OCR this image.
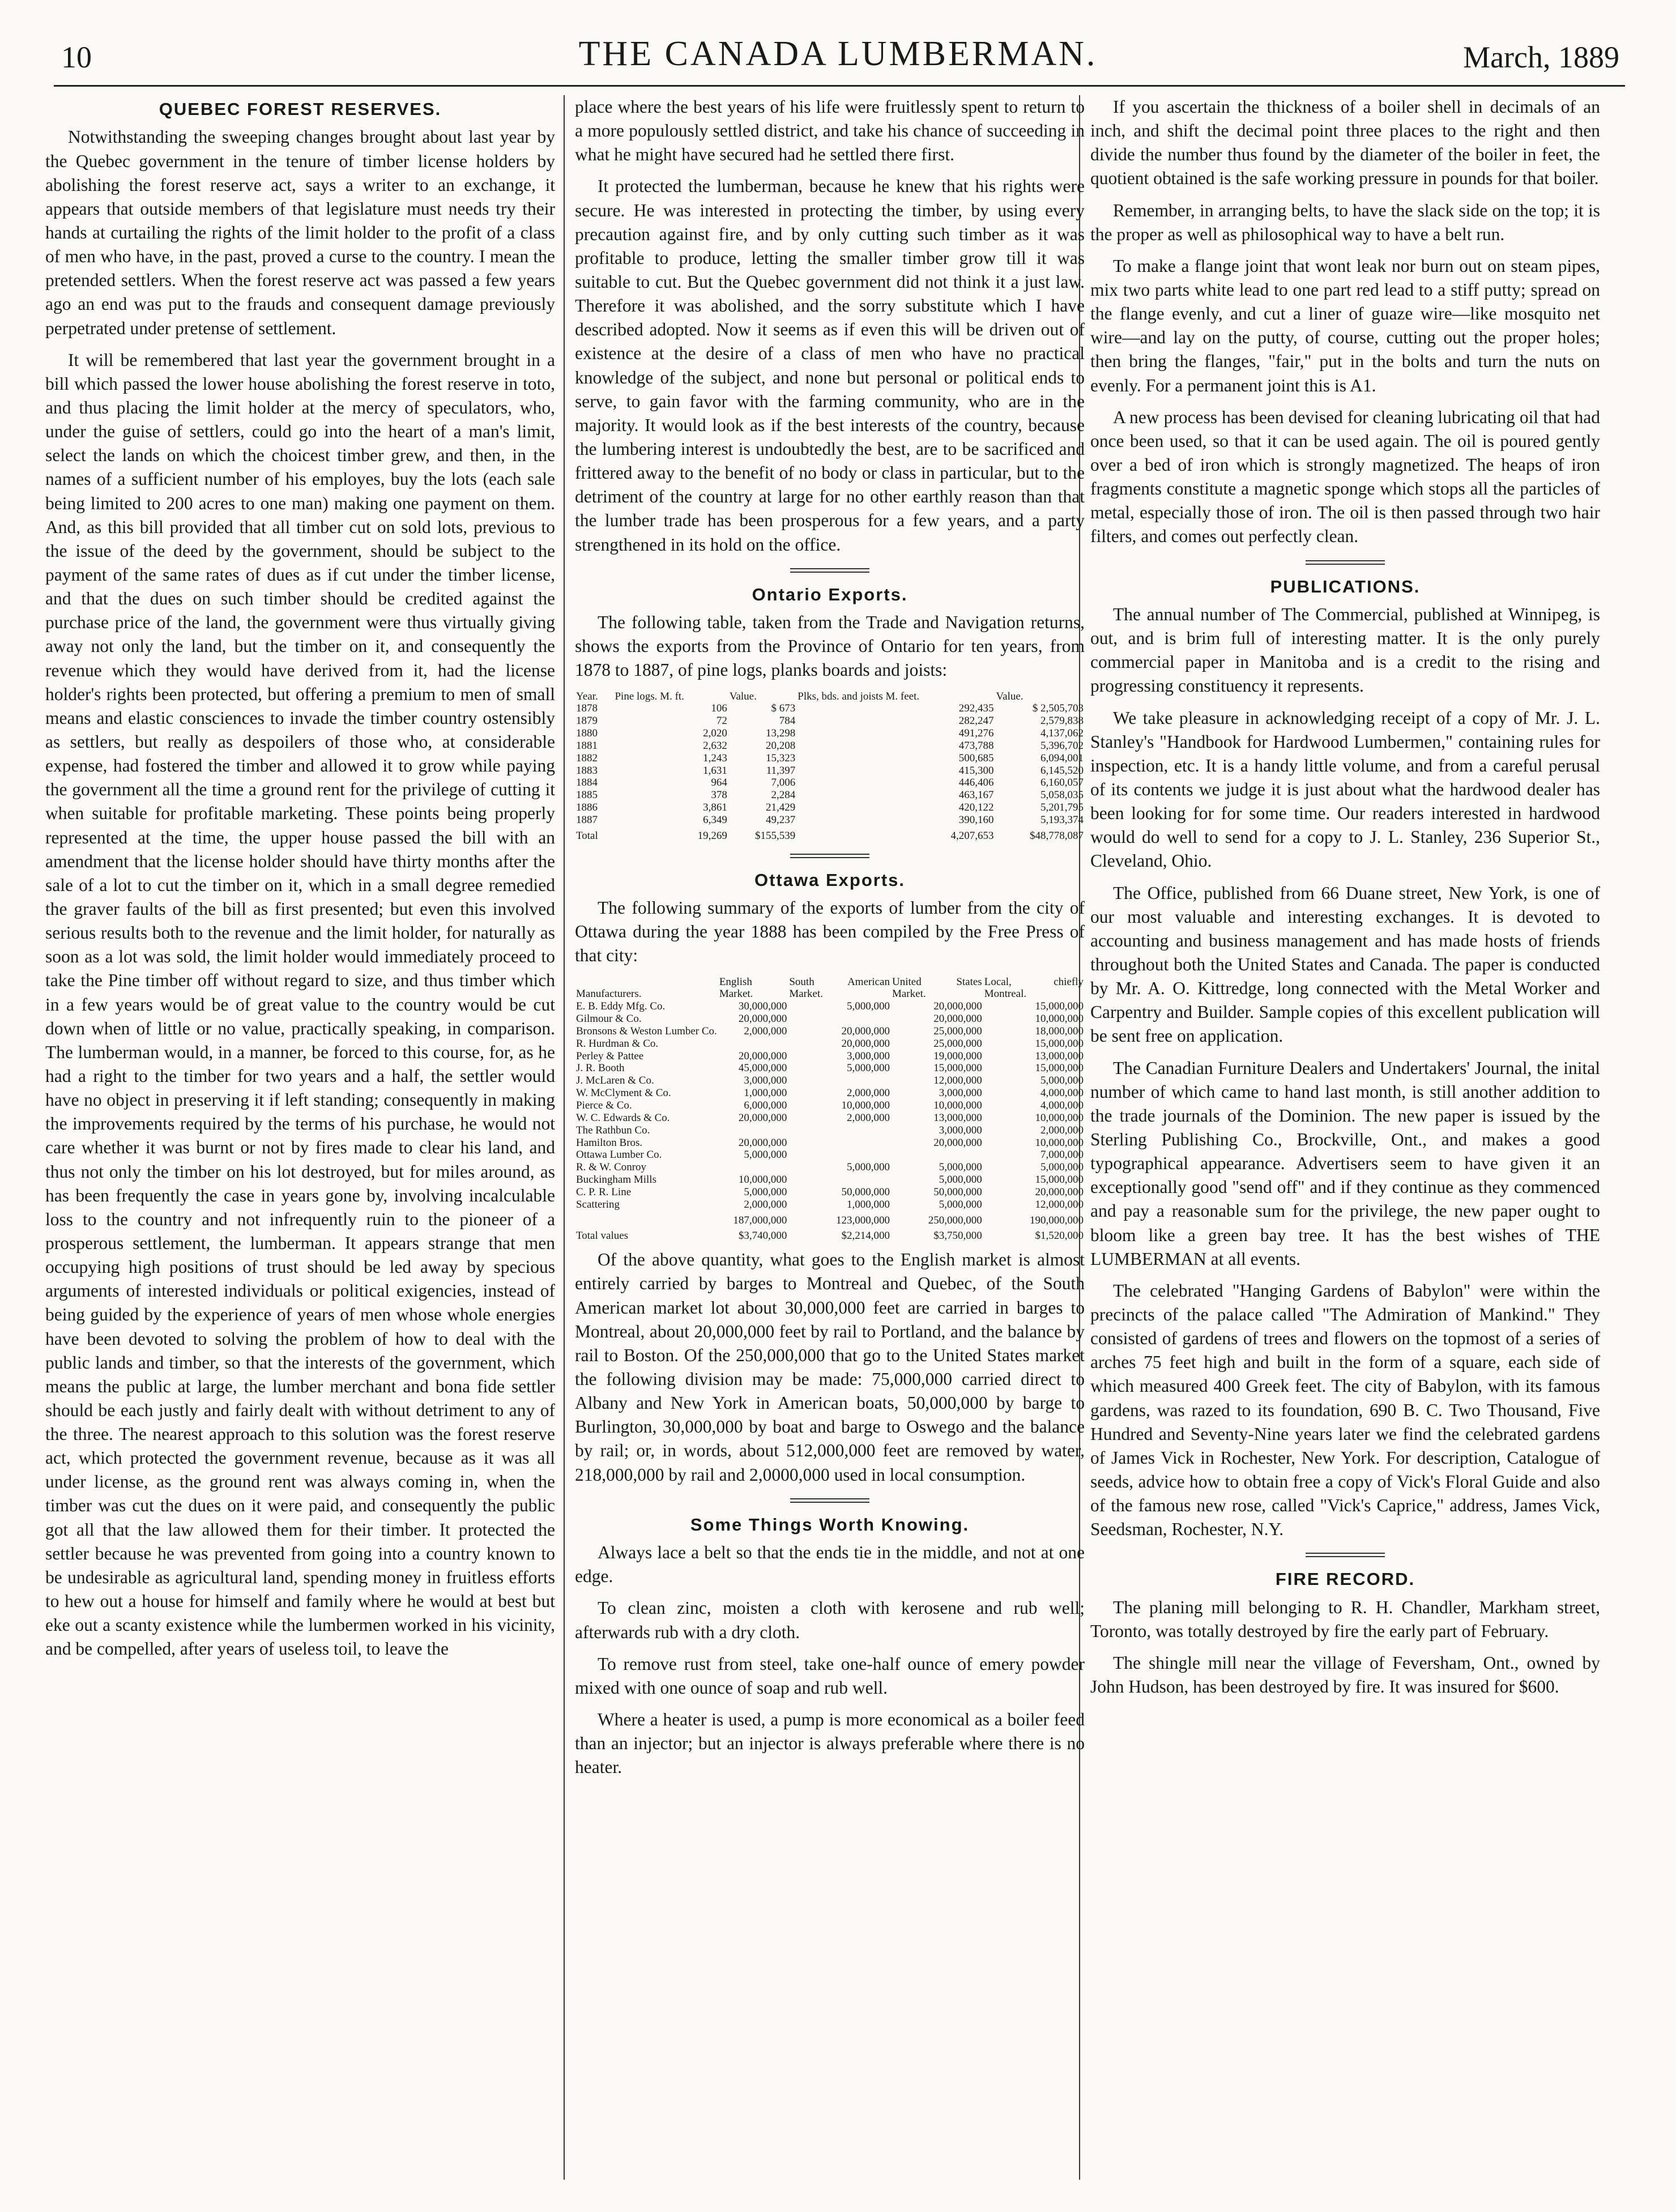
10	THE CANADA LUMBERMAN.	March, 1889
QUEBEC FOREST RESERVES.

Notwithstanding the sweeping changes brought about last year by the Quebec government in the tenure of timber license holders by abolishing the forest reserve act, says a writer to an exchange, it appears that outside members of that legislature must needs try their hands at curtailing the rights of the limit holder to the profit of a class of men who have, in the past, proved a curse to the country. I mean the pretended settlers. When the forest reserve act was passed a few years ago an end was put to the frauds and consequent damage previously perpetrated under pretense of settlement.

It will be remembered that last year the government brought in a bill which passed the lower house abolishing the forest reserve in toto, and thus placing the limit holder at the mercy of speculators, who, under the guise of settlers, could go into the heart of a man's limit, select the lands on which the choicest timber grew, and then, in the names of a sufficient number of his employes, buy the lots (each sale being limited to 200 acres to one man) making one payment on them. And, as this bill provided that all timber cut on sold lots, previous to the issue of the deed by the government, should be subject to the payment of the same rates of dues as if cut under the timber license, and that the dues on such timber should be credited against the purchase price of the land, the government were thus virtually giving away not only the land, but the timber on it, and consequently the revenue which they would have derived from it, had the license holder's rights been protected, but offering a premium to men of small means and elastic consciences to invade the timber country ostensibly as settlers, but really as despoilers of those who, at considerable expense, had fostered the timber and allowed it to grow while paying the government all the time a ground rent for the privilege of cutting it when suitable for profitable marketing. These points being properly represented at the time, the upper house passed the bill with an amendment that the license holder should have thirty months after the sale of a lot to cut the timber on it, which in a small degree remedied the graver faults of the bill as first presented; but even this involved serious results both to the revenue and the limit holder, for naturally as soon as a lot was sold, the limit holder would immediately proceed to take the Pine timber off without regard to size, and thus timber which in a few years would be of great value to the country would be cut down when of little or no value, practically speaking, in comparison. The lumberman would, in a manner, be forced to this course, for, as he had a right to the timber for two years and a half, the settler would have no object in preserving it if left standing; consequently in making the improvements required by the terms of his purchase, he would not care whether it was burnt or not by fires made to clear his land, and thus not only the timber on his lot destroyed, but for miles around, as has been frequently the case in years gone by, involving incalculable loss to the country and not infrequently ruin to the pioneer of a prosperous settlement, the lumberman. It appears strange that men occupying high positions of trust should be led away by specious arguments of interested individuals or political exigencies, instead of being guided by the experience of years of men whose whole energies have been devoted to solving the problem of how to deal with the public lands and timber, so that the interests of the government, which means the public at large, the lumber merchant and bona fide settler should be each justly and fairly dealt with without detriment to any of the three. The nearest approach to this solution was the forest reserve act, which protected the government revenue, because as it was all under license, as the ground rent was always coming in, when the timber was cut the dues on it were paid, and consequently the public got all that the law allowed them for their timber. It protected the settler because he was prevented from going into a country known to be undesirable as agricultural land, spending money in fruitless efforts to hew out a house for himself and family where he would at best but eke out a scanty existence while the lumbermen worked in his vicinity, and be compelled, after years of useless toil, to leave the

place where the best years of his life were fruitlessly spent to return to a more populously settled district, and take his chance of succeeding in what he might have secured had he settled there first.

It protected the lumberman, because he knew that his rights were secure. He was interested in protecting the timber, by using every precaution against fire, and by only cutting such timber as it was profitable to produce, letting the smaller timber grow till it was suitable to cut. But the Quebec government did not think it a just law. Therefore it was abolished, and the sorry substitute which I have described adopted. Now it seems as if even this will be driven out of existence at the desire of a class of men who have no practical knowledge of the subject, and none but personal or political ends to serve, to gain favor with the farming community, who are in the majority. It would look as if the best interests of the country, because the lumbering interest is undoubtedly the best, are to be sacrificed and frittered away to the benefit of no body or class in particular, but to the detriment of the country at large for no other earthly reason than that the lumber trade has been prosperous for a few years, and a party strengthened in its hold on the office.

Ontario Exports.

The following table, taken from the Trade and Navigation returns, shows the exports from the Province of Ontario for ten years, from 1878 to 1887, of pine logs, planks boards and joists:

Year.	Pine logs. M. ft.	Value.	Plks, bds. and joists M. feet.	Value.
1878	106	$ 673	292,435	$ 2,505,703
1879	72	784	282,247	2,579,838
1880	2,020	13,298	491,276	4,137,062
1881	2,632	20,208	473,788	5,396,702
1882	1,243	15,323	500,685	6,094,001
1883	1,631	11,397	415,300	6,145,520
1884	964	7,006	446,406	6,160,057
1885	378	2,284	463,167	5,058,035
1886	3,861	21,429	420,122	5,201,795
1887	6,349	49,237	390,160	5,193,374
Total	19,269	$155,539	4,207,653	$48,778,087
Ottawa Exports.

The following summary of the exports of lumber from the city of Ottawa during the year 1888 has been compiled by the Free Press of that city:

Manufacturers.	English Market.	South American Market.	United States Market.	Local, chiefly Montreal.
E. B. Eddy Mfg. Co.	30,000,000	5,000,000	20,000,000	15,000,000
Gilmour & Co.	20,000,000		20,000,000	10,000,000
Bronsons & Weston Lumber Co.	2,000,000	20,000,000	25,000,000	18,000,000
R. Hurdman & Co.		20,000,000	25,000,000	15,000,000
Perley & Pattee	20,000,000	3,000,000	19,000,000	13,000,000
J. R. Booth	45,000,000	5,000,000	15,000,000	15,000,000
J. McLaren & Co.	3,000,000		12,000,000	5,000,000
W. McClyment & Co.	1,000,000	2,000,000	3,000,000	4,000,000
Pierce & Co.	6,000,000	10,000,000	10,000,000	4,000,000
W. C. Edwards & Co.	20,000,000	2,000,000	13,000,000	10,000,000
The Rathbun Co.			3,000,000	2,000,000
Hamilton Bros.	20,000,000		20,000,000	10,000,000
Ottawa Lumber Co.	5,000,000			7,000,000
R. & W. Conroy		5,000,000	5,000,000	5,000,000
Buckingham Mills	10,000,000		5,000,000	15,000,000
C. P. R. Line	5,000,000	50,000,000	50,000,000	20,000,000
Scattering	2,000,000	1,000,000	5,000,000	12,000,000
	187,000,000	123,000,000	250,000,000	190,000,000
Total values	$3,740,000	$2,214,000	$3,750,000	$1,520,000

Of the above quantity, what goes to the English market is almost entirely carried by barges to Montreal and Quebec, of the South American market lot about 30,000,000 feet are carried in barges to Montreal, about 20,000,000 feet by rail to Portland, and the balance by rail to Boston. Of the 250,000,000 that go to the United States market the following division may be made: 75,000,000 carried direct to Albany and New York in American boats, 50,000,000 by barge to Burlington, 30,000,000 by boat and barge to Oswego and the balance by rail; or, in words, about 512,000,000 feet are removed by water, 218,000,000 by rail and 2,0000,000 used in local consumption.

Some Things Worth Knowing.

Always lace a belt so that the ends tie in the middle, and not at one edge.

To clean zinc, moisten a cloth with kerosene and rub well; afterwards rub with a dry cloth.

To remove rust from steel, take one-half ounce of emery powder mixed with one ounce of soap and rub well.

Where a heater is used, a pump is more economical as a boiler feed than an injector; but an injector is always preferable where there is no heater.

If you ascertain the thickness of a boiler shell in decimals of an inch, and shift the decimal point three places to the right and then divide the number thus found by the diameter of the boiler in feet, the quotient obtained is the safe working pressure in pounds for that boiler.

Remember, in arranging belts, to have the slack side on the top; it is the proper as well as philosophical way to have a belt run.

To make a flange joint that wont leak nor burn out on steam pipes, mix two parts white lead to one part red lead to a stiff putty; spread on the flange evenly, and cut a liner of guaze wire—like mosquito net wire—and lay on the putty, of course, cutting out the proper holes; then bring the flanges, "fair," put in the bolts and turn the nuts on evenly. For a permanent joint this is A1.

A new process has been devised for cleaning lubricating oil that had once been used, so that it can be used again. The oil is poured gently over a bed of iron which is strongly magnetized. The heaps of iron fragments constitute a magnetic sponge which stops all the particles of metal, especially those of iron. The oil is then passed through two hair filters, and comes out perfectly clean.

PUBLICATIONS.

The annual number of The Commercial, published at Winnipeg, is out, and is brim full of interesting matter. It is the only purely commercial paper in Manitoba and is a credit to the rising and progressing constituency it represents.

We take pleasure in acknowledging receipt of a copy of Mr. J. L. Stanley's "Handbook for Hardwood Lumbermen," containing rules for inspection, etc. It is a handy little volume, and from a careful perusal of its contents we judge it is just about what the hardwood dealer has been looking for for some time. Our readers interested in hardwood would do well to send for a copy to J. L. Stanley, 236 Superior St., Cleveland, Ohio.

The Office, published from 66 Duane street, New York, is one of our most valuable and interesting exchanges. It is devoted to accounting and business management and has made hosts of friends throughout both the United States and Canada. The paper is conducted by Mr. A. O. Kittredge, long connected with the Metal Worker and Carpentry and Builder. Sample copies of this excellent publication will be sent free on application.

The Canadian Furniture Dealers and Undertakers' Journal, the inital number of which came to hand last month, is still another addition to the trade journals of the Dominion. The new paper is issued by the Sterling Publishing Co., Brockville, Ont., and makes a good typographical appearance. Advertisers seem to have given it an exceptionally good "send off" and if they continue as they commenced and pay a reasonable sum for the privilege, the new paper ought to bloom like a green bay tree. It has the best wishes of THE LUMBERMAN at all events.

The celebrated "Hanging Gardens of Babylon" were within the precincts of the palace called "The Admiration of Mankind." They consisted of gardens of trees and flowers on the topmost of a series of arches 75 feet high and built in the form of a square, each side of which measured 400 Greek feet. The city of Babylon, with its famous gardens, was razed to its foundation, 690 B. C. Two Thousand, Five Hundred and Seventy-Nine years later we find the celebrated gardens of James Vick in Rochester, New York. For description, Catalogue of seeds, advice how to obtain free a copy of Vick's Floral Guide and also of the famous new rose, called "Vick's Caprice," address, James Vick, Seedsman, Rochester, N.Y.

FIRE RECORD.

The planing mill belonging to R. H. Chandler, Markham street, Toronto, was totally destroyed by fire the early part of February.

The shingle mill near the village of Feversham, Ont., owned by John Hudson, has been destroyed by fire. It was insured for $600.
